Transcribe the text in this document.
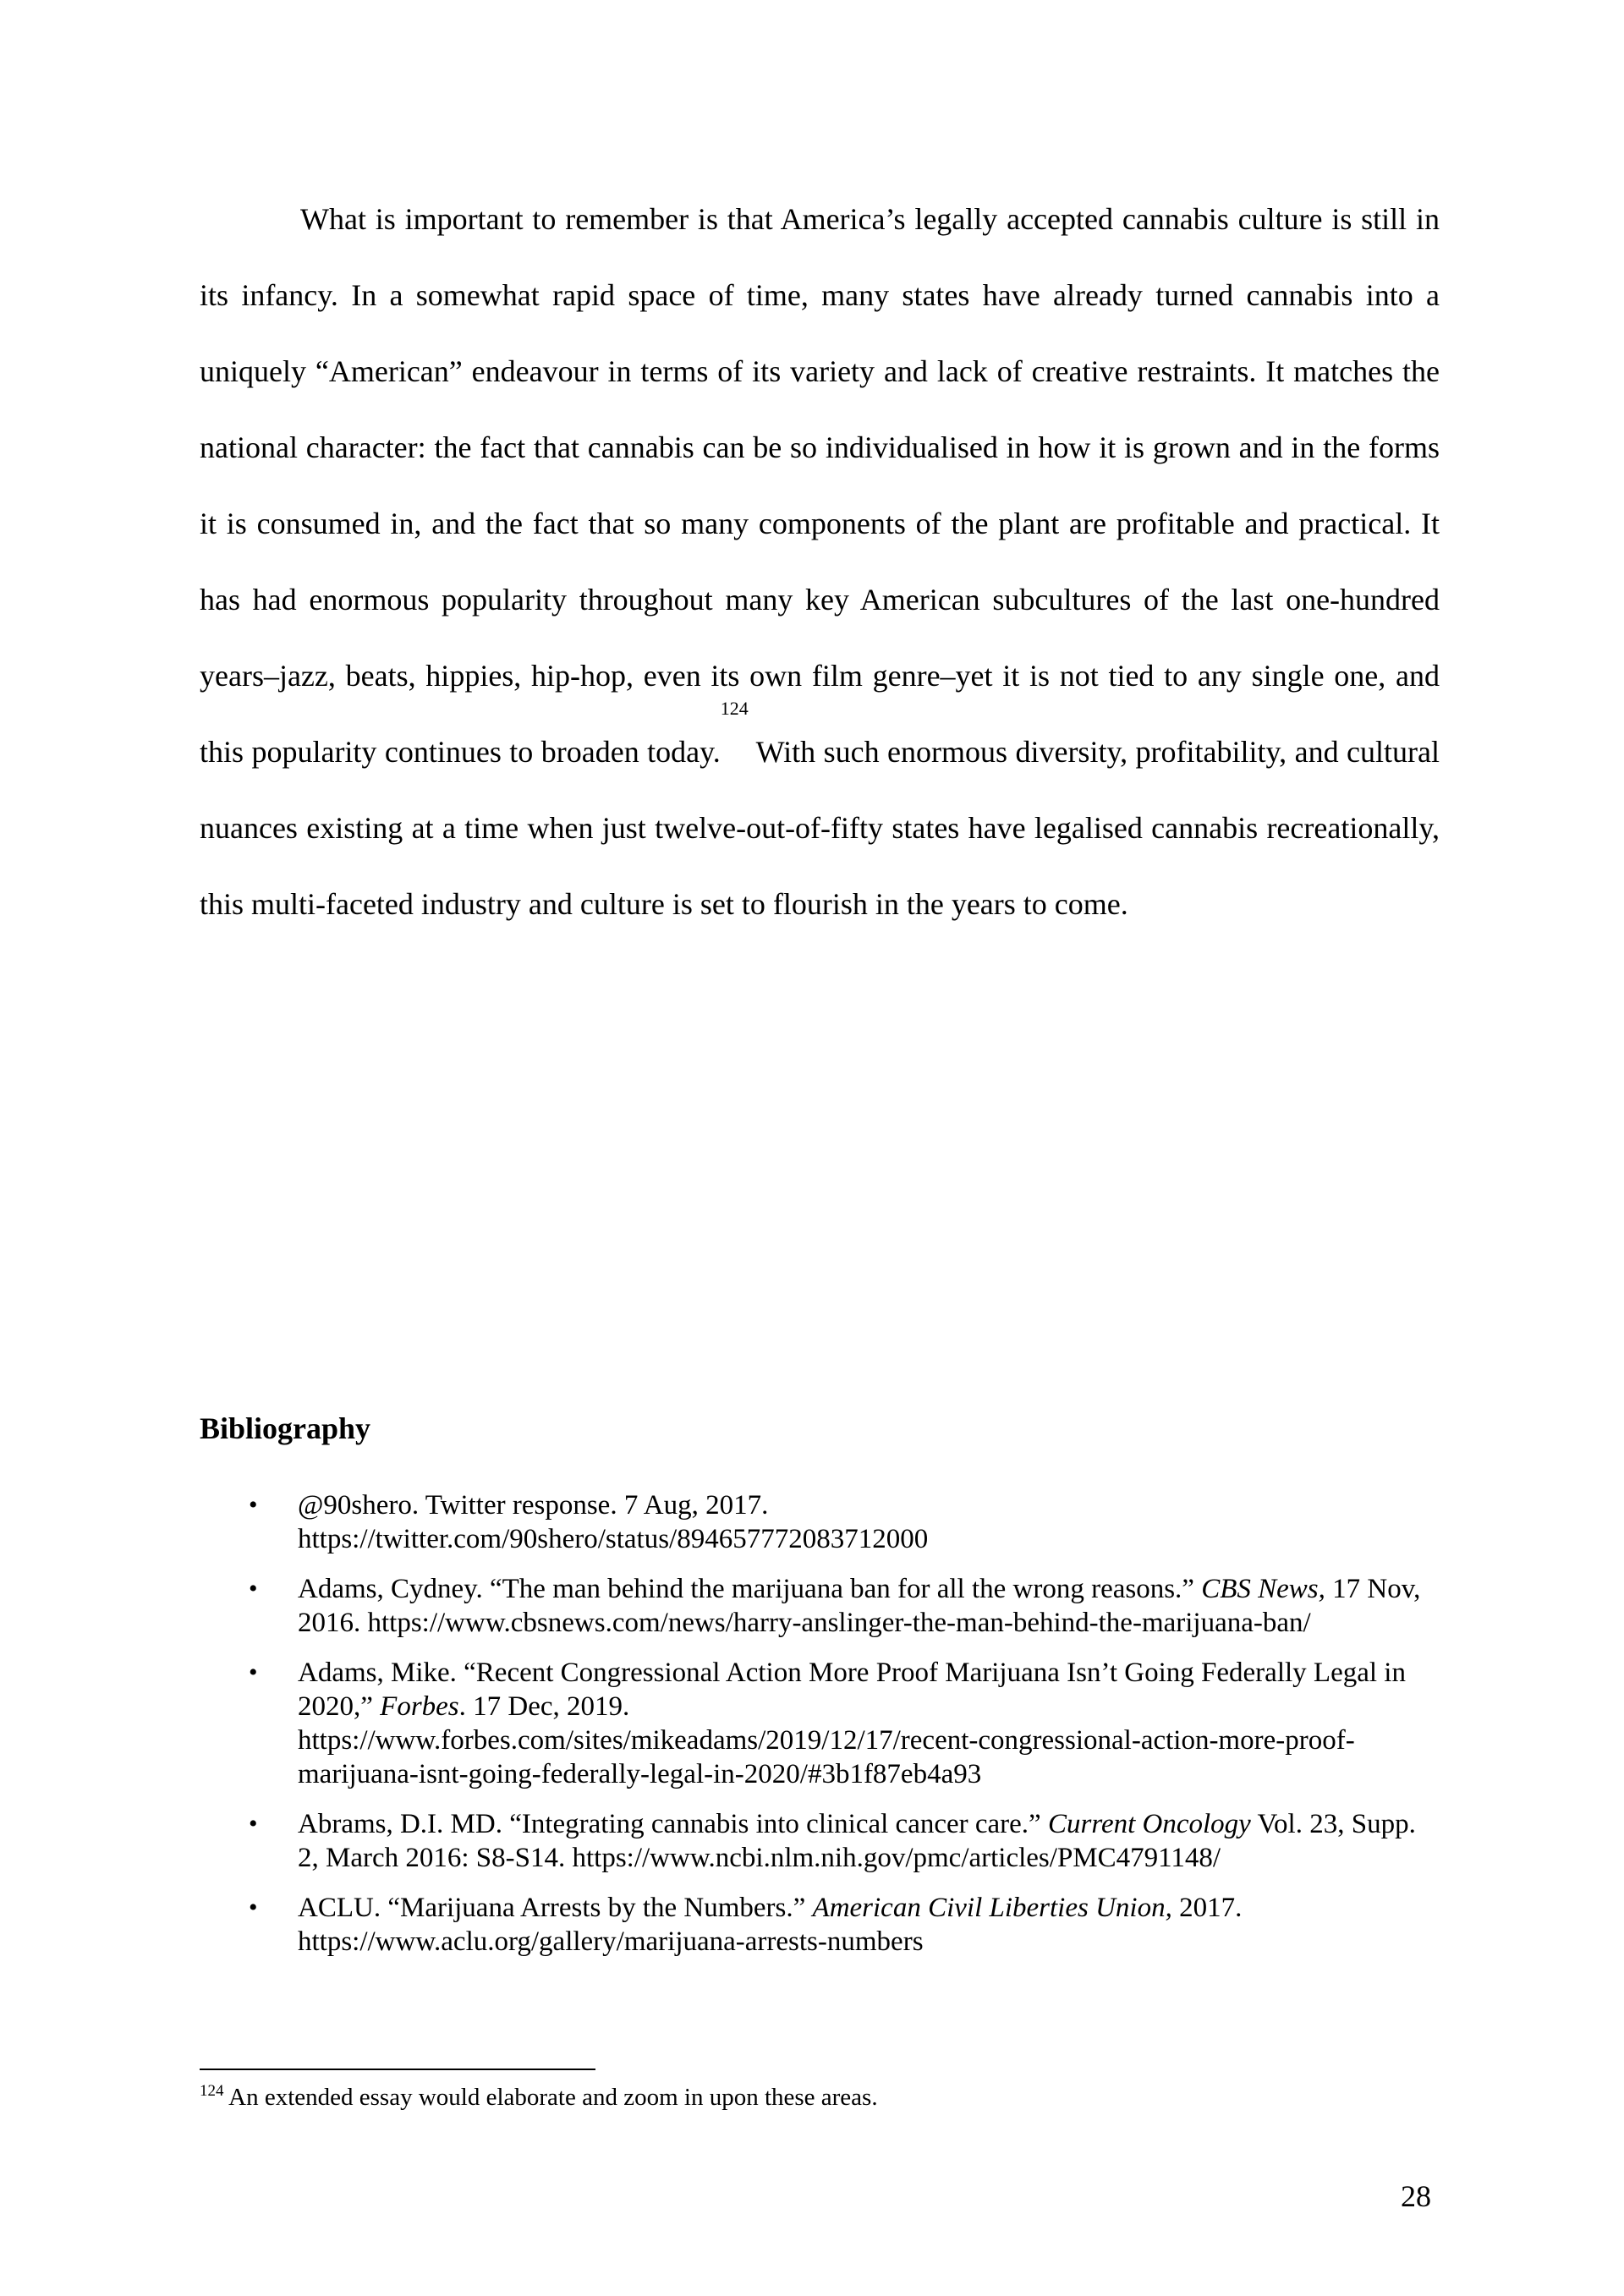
What is important to remember is that America’s legally accepted cannabis culture is still in its infancy. In a somewhat rapid space of time, many states have already turned cannabis into a uniquely “American” endeavour in terms of its variety and lack of creative restraints. It matches the national character: the fact that cannabis can be so individualised in how it is grown and in the forms it is consumed in, and the fact that so many components of the plant are profitable and practical. It has had enormous popularity throughout many key American subcultures of the last one-hundred years–jazz, beats, hippies, hip-hop, even its own film genre–yet it is not tied to any single one, and this popularity continues to broaden today.$^{124}$ With such enormous diversity, profitability, and cultural nuances existing at a time when just twelve-out-of-fifty states have legalised cannabis recreationally, this multi-faceted industry and culture is set to flourish in the years to come.

Bibliography
• @90shero. Twitter response. 7 Aug, 2017.
https://twitter.com/90shero/status/894657772083712000
• Adams, Cydney. “The man behind the marijuana ban for all the wrong reasons.” CBS News, 17 Nov, 2016. https://www.cbsnews.com/news/harry-anslinger-the-man-behind-the-marijuana-ban/
• Adams, Mike. “Recent Congressional Action More Proof Marijuana Isn’t Going Federally Legal in 2020,” Forbes. 17 Dec, 2019.
https://www.forbes.com/sites/mikeadams/2019/12/17/recent-congressional-action-more-proof-marijuana-isnt-going-federally-legal-in-2020/#3b1f87eb4a93
• Abrams, D.I. MD. “Integrating cannabis into clinical cancer care.” Current Oncology Vol. 23, Supp. 2, March 2016: S8-S14. https://www.ncbi.nlm.nih.gov/pmc/articles/PMC4791148/
• ACLU. “Marijuana Arrests by the Numbers.” American Civil Liberties Union, 2017.
https://www.aclu.org/gallery/marijuana-arrests-numbers

$^{124}$ An extended essay would elaborate and zoom in upon these areas.

28
